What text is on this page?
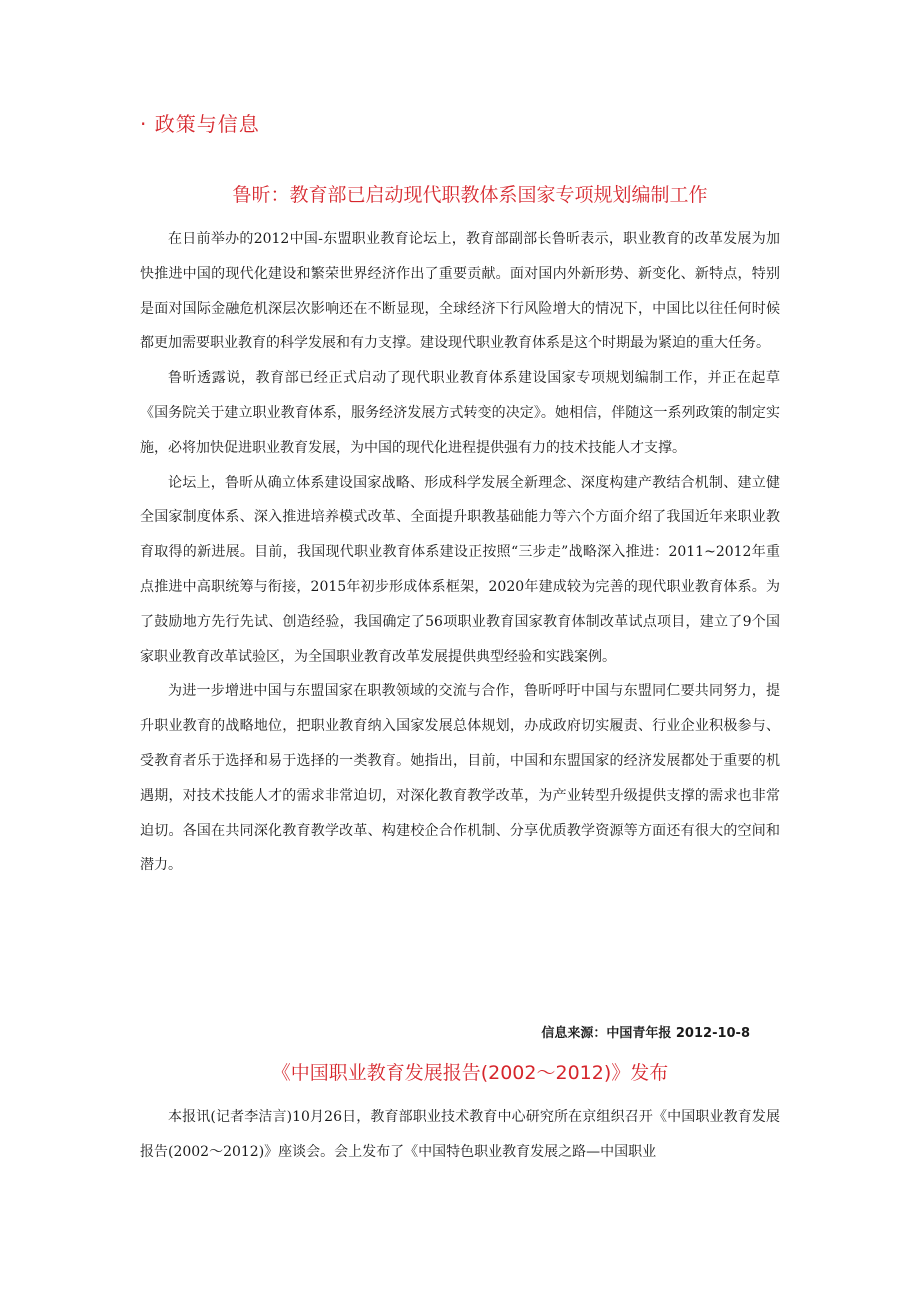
· 政策与信息
鲁昕：教育部已启动现代职教体系国家专项规划编制工作

在日前举办的2012中国-东盟职业教育论坛上，教育部副部长鲁昕表示，职业教育的改革发展为加快推进中国的现代化建设和繁荣世界经济作出了重要贡献。面对国内外新形势、新变化、新特点，特别是面对国际金融危机深层次影响还在不断显现，全球经济下行风险增大的情况下，中国比以往任何时候都更加需要职业教育的科学发展和有力支撑。建设现代职业教育体系是这个时期最为紧迫的重大任务。

鲁昕透露说，教育部已经正式启动了现代职业教育体系建设国家专项规划编制工作，并正在起草《国务院关于建立职业教育体系，服务经济发展方式转变的决定》。她相信，伴随这一系列政策的制定实施，必将加快促进职业教育发展，为中国的现代化进程提供强有力的技术技能人才支撑。

论坛上，鲁昕从确立体系建设国家战略、形成科学发展全新理念、深度构建产教结合机制、建立健全国家制度体系、深入推进培养模式改革、全面提升职教基础能力等六个方面介绍了我国近年来职业教育取得的新进展。目前，我国现代职业教育体系建设正按照“三步走”战略深入推进：2011~2012年重点推进中高职统筹与衔接，2015年初步形成体系框架，2020年建成较为完善的现代职业教育体系。为了鼓励地方先行先试、创造经验，我国确定了56项职业教育国家教育体制改革试点项目，建立了9个国家职业教育改革试验区，为全国职业教育改革发展提供典型经验和实践案例。

为进一步增进中国与东盟国家在职教领域的交流与合作，鲁昕呼吁中国与东盟同仁要共同努力，提升职业教育的战略地位，把职业教育纳入国家发展总体规划，办成政府切实履责、行业企业积极参与、受教育者乐于选择和易于选择的一类教育。她指出，目前，中国和东盟国家的经济发展都处于重要的机遇期，对技术技能人才的需求非常迫切，对深化教育教学改革，为产业转型升级提供支撑的需求也非常迫切。各国在共同深化教育教学改革、构建校企合作机制、分享优质教学资源等方面还有很大的空间和潜力。

信息来源：中国青年报 2012-10-8
《中国职业教育发展报告(2002～2012)》发布

本报讯(记者李洁言)10月26日，教育部职业技术教育中心研究所在京组织召开《中国职业教育发展报告(2002～2012)》座谈会。会上发布了《中国特色职业教育发展之路—中国职业
